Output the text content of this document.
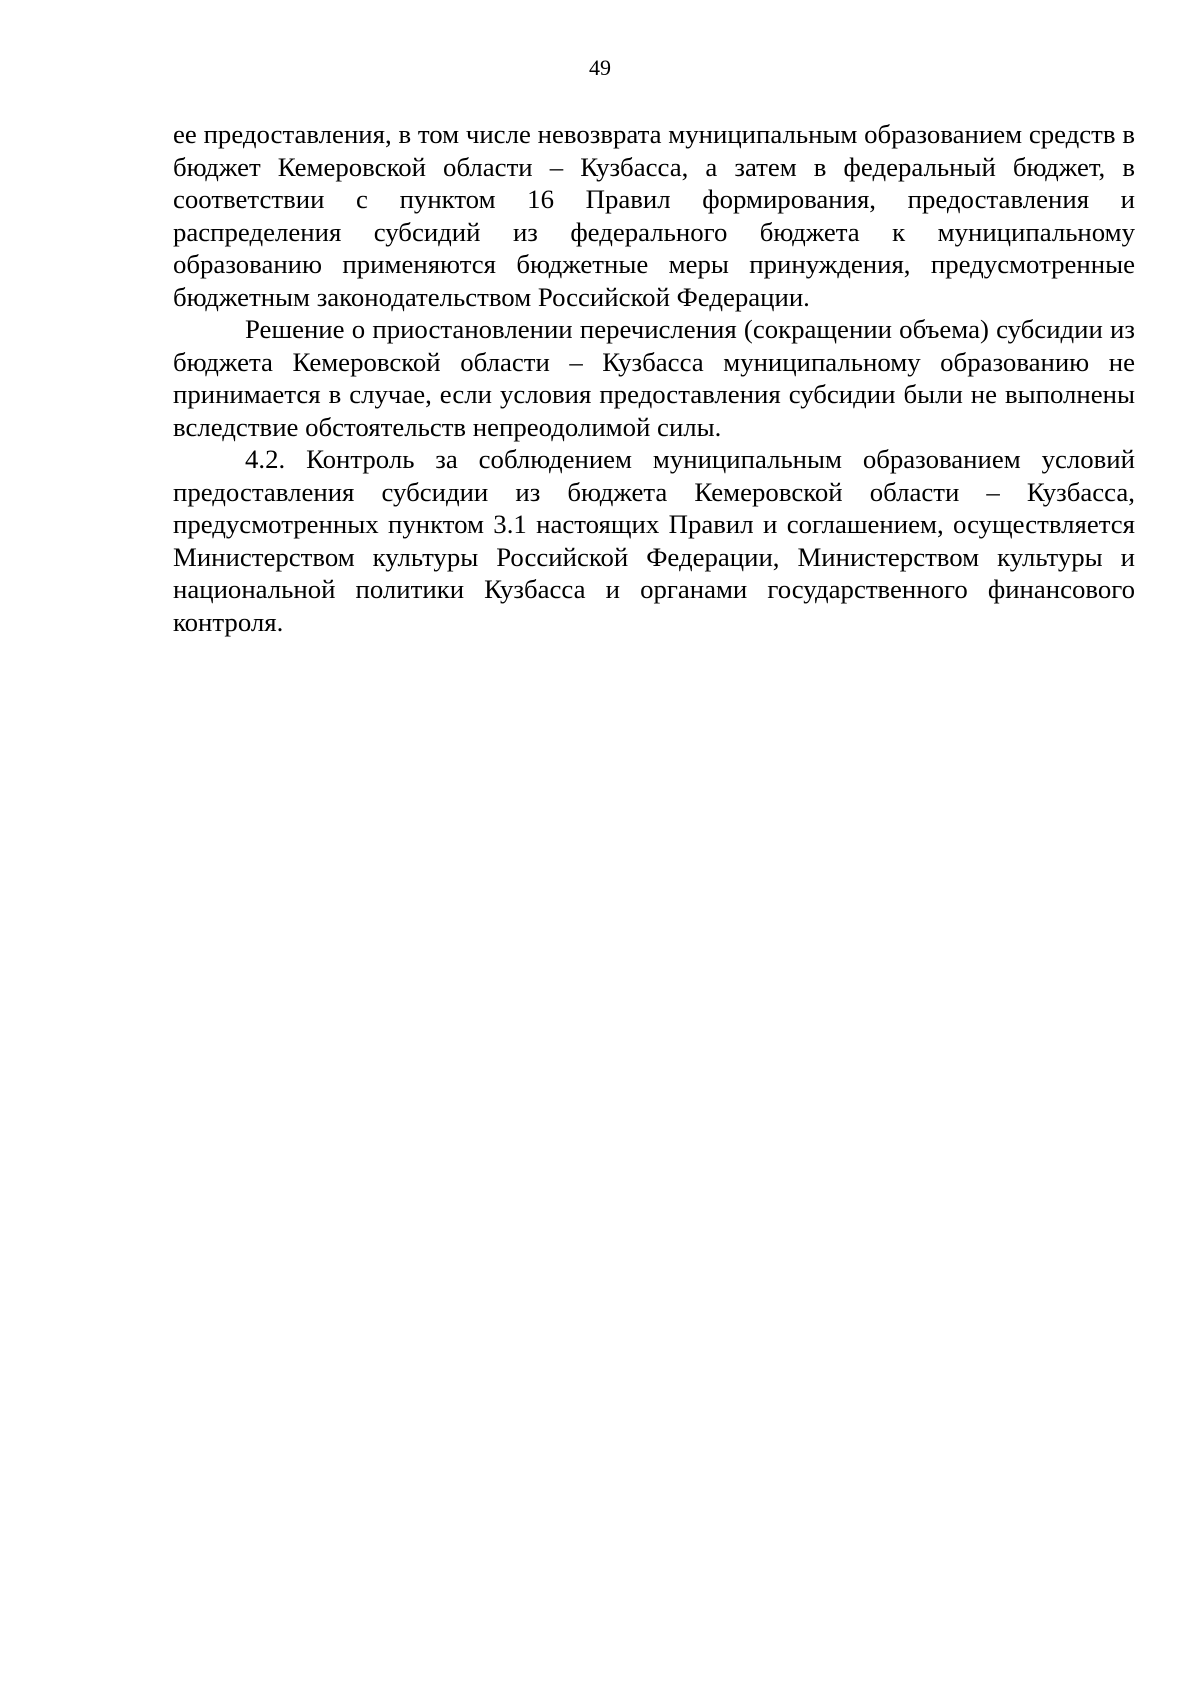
49

ее предоставления, в том числе невозврата муниципальным образованием средств в бюджет Кемеровской области – Кузбасса, а затем в федеральный бюджет, в соответствии с пунктом 16 Правил формирования, предоставления и распределения субсидий из федерального бюджета к муниципальному образованию применяются бюджетные меры принуждения, предусмотренные бюджетным законодательством Российской Федерации.

Решение о приостановлении перечисления (сокращении объема) субсидии из бюджета Кемеровской области – Кузбасса муниципальному образованию не принимается в случае, если условия предоставления субсидии были не выполнены вследствие обстоятельств непреодолимой силы.

4.2. Контроль за соблюдением муниципальным образованием условий предоставления субсидии из бюджета Кемеровской области – Кузбасса, предусмотренных пунктом 3.1 настоящих Правил и соглашением, осуществляется Министерством культуры Российской Федерации, Министерством культуры и национальной политики Кузбасса и органами государственного финансового контроля.
